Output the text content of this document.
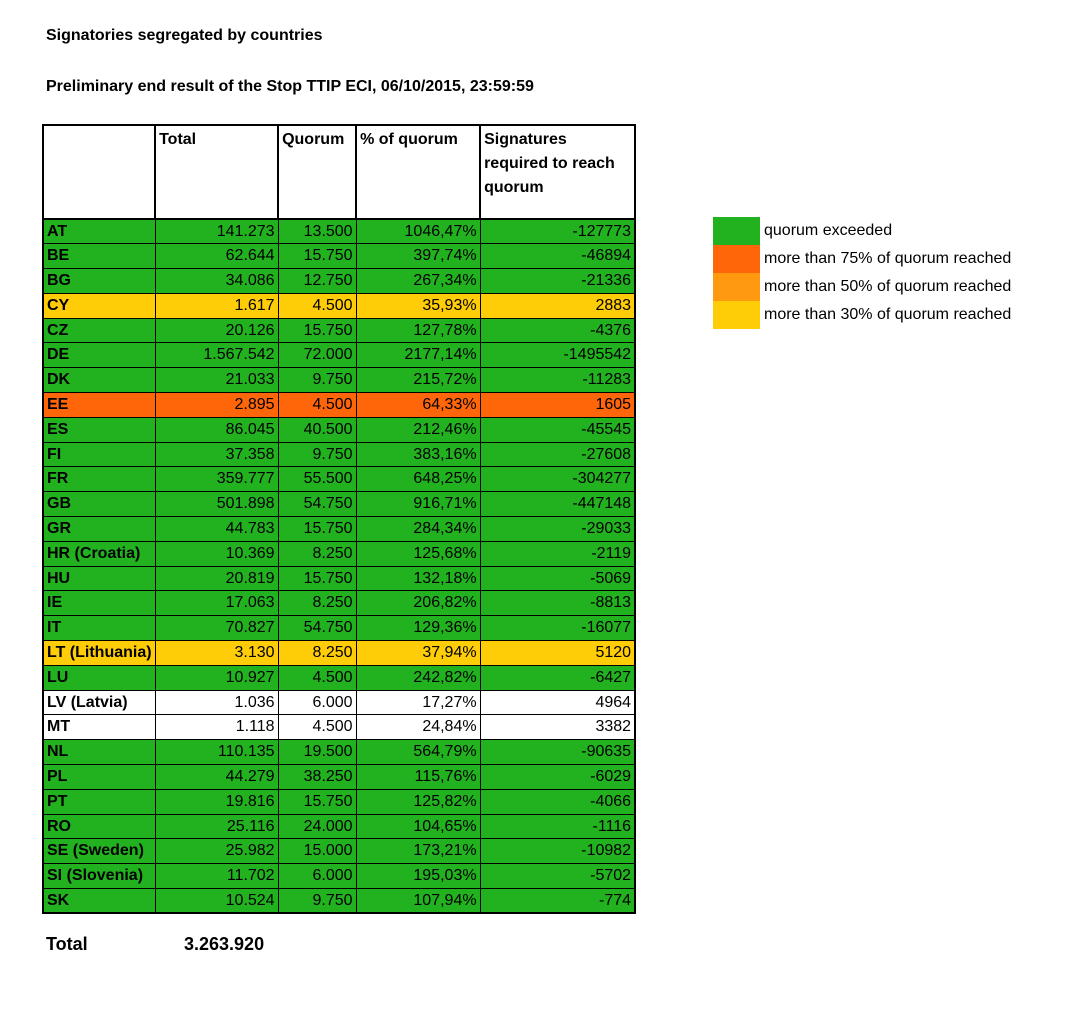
Signatories segregated by countries
Preliminary end result of the Stop TTIP ECI, 06/10/2015, 23:59:59
	Total	Quorum	% of quorum	Signatures required to reach quorum
AT	141.273	13.500	1046,47%	-127773
BE	62.644	15.750	397,74%	-46894
BG	34.086	12.750	267,34%	-21336
CY	1.617	4.500	35,93%	2883
CZ	20.126	15.750	127,78%	-4376
DE	1.567.542	72.000	2177,14%	-1495542
DK	21.033	9.750	215,72%	-11283
EE	2.895	4.500	64,33%	1605
ES	86.045	40.500	212,46%	-45545
FI	37.358	9.750	383,16%	-27608
FR	359.777	55.500	648,25%	-304277
GB	501.898	54.750	916,71%	-447148
GR	44.783	15.750	284,34%	-29033
HR (Croatia)	10.369	8.250	125,68%	-2119
HU	20.819	15.750	132,18%	-5069
IE	17.063	8.250	206,82%	-8813
IT	70.827	54.750	129,36%	-16077
LT (Lithuania)	3.130	8.250	37,94%	5120
LU	10.927	4.500	242,82%	-6427
LV (Latvia)	1.036	6.000	17,27%	4964
MT	1.118	4.500	24,84%	3382
NL	110.135	19.500	564,79%	-90635
PL	44.279	38.250	115,76%	-6029
PT	19.816	15.750	125,82%	-4066
RO	25.116	24.000	104,65%	-1116
SE (Sweden)	25.982	15.000	173,21%	-10982
SI (Slovenia)	11.702	6.000	195,03%	-5702
SK	10.524	9.750	107,94%	-774
Total	3.263.920
quorum exceeded
more than 75% of quorum reached
more than 50% of quorum reached
more than 30% of quorum reached
